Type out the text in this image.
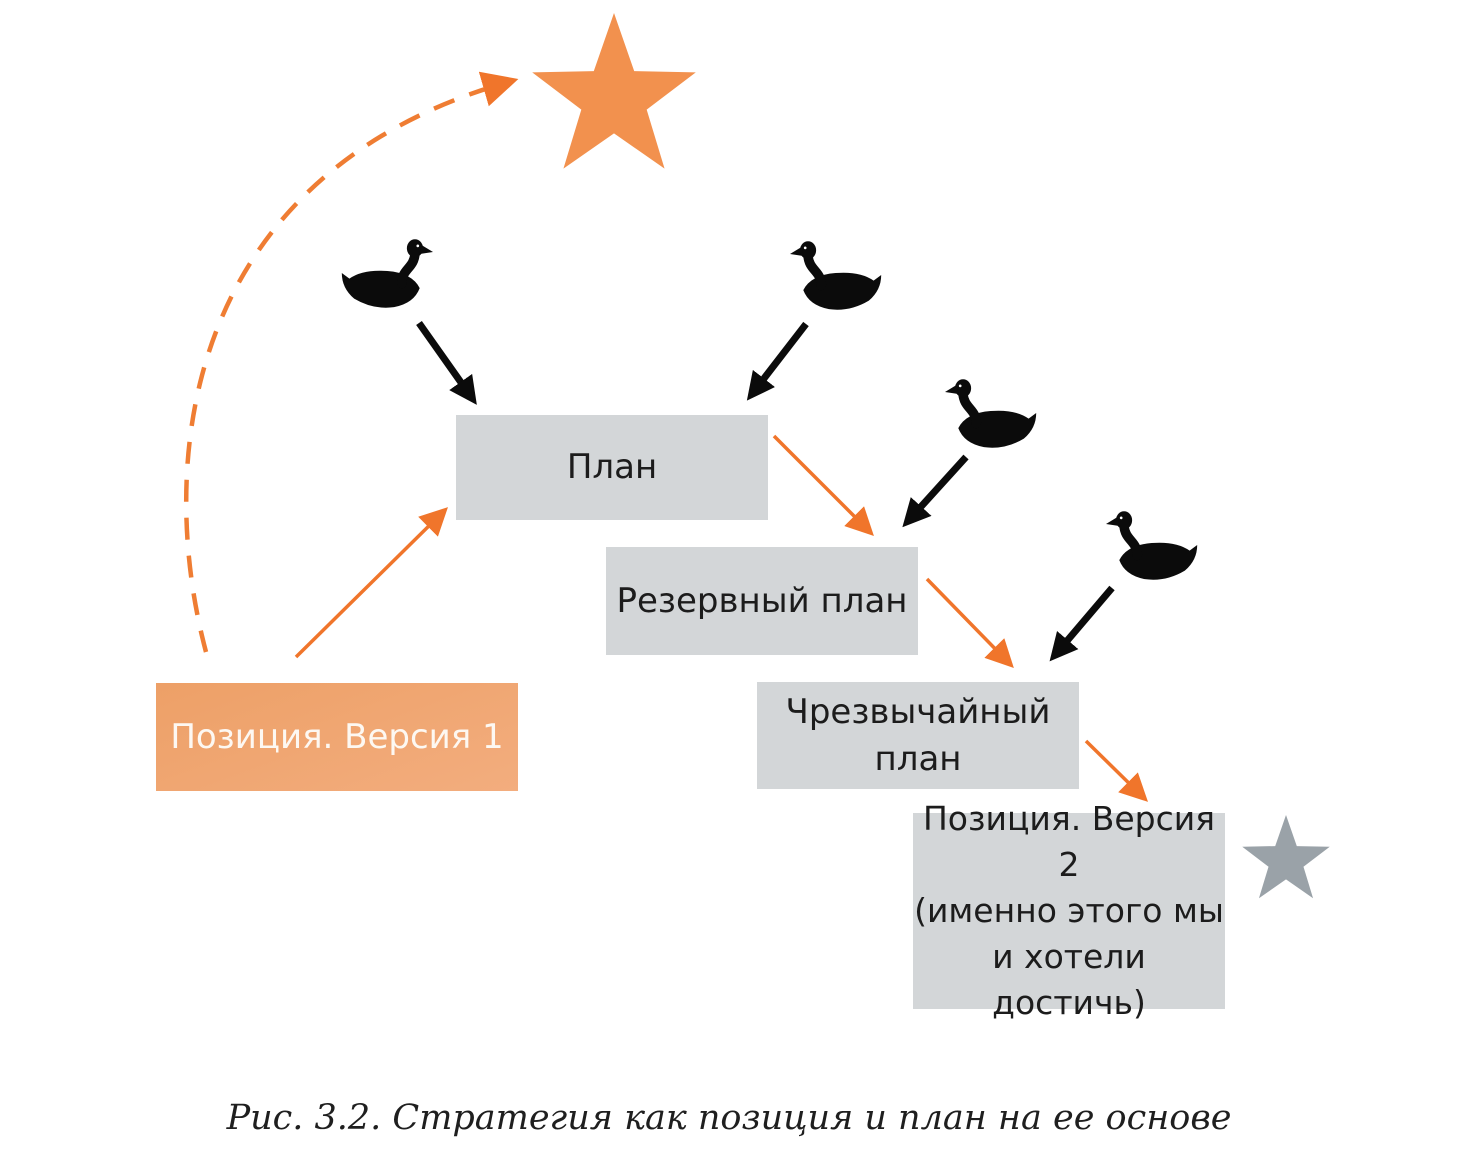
План
Резервный план
Чрезвычайный план
Позиция. Версия 1
Позиция. Версия 2
(именно этого мы
и хотели достичь)
Рис. 3.2. Стратегия как позиция и план на ее основе
